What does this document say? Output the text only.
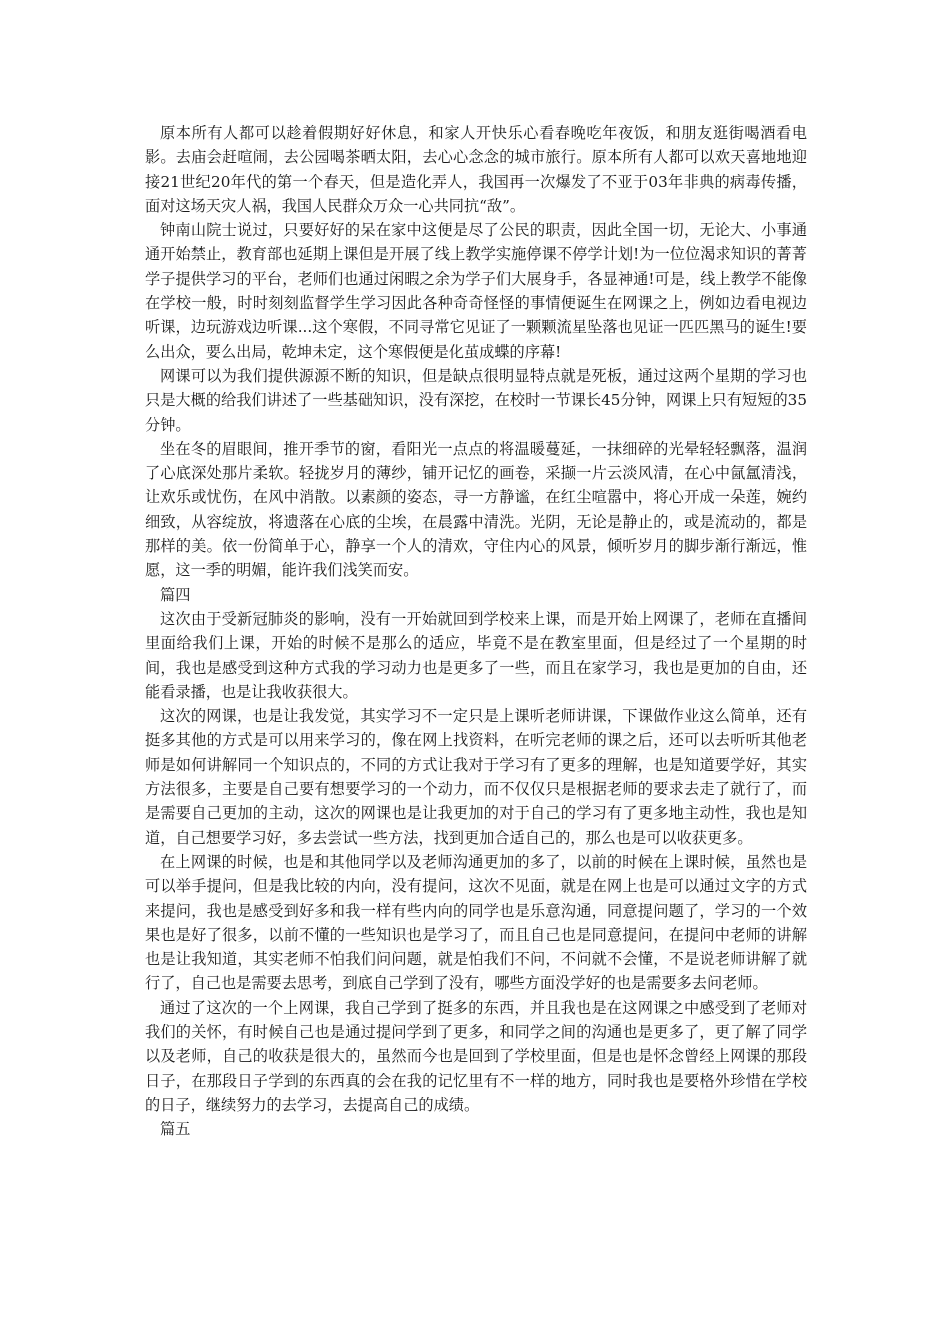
原本所有人都可以趁着假期好好休息，和家人开快乐心看春晚吃年夜饭，和朋友逛街喝酒看电影。去庙会赶喧闹，去公园喝茶晒太阳，去心心念念的城市旅行。原本所有人都可以欢天喜地地迎接21世纪20年代的第一个春天，但是造化弄人，我国再一次爆发了不亚于03年非典的病毒传播，面对这场天灾人祸，我国人民群众万众一心共同抗“敌”。

钟南山院士说过，只要好好的呆在家中这便是尽了公民的职责，因此全国一切，无论大、小事通通开始禁止，教育部也延期上课但是开展了线上教学实施停课不停学计划!为一位位渴求知识的菁菁学子提供学习的平台，老师们也通过闲暇之余为学子们大展身手，各显神通!可是，线上教学不能像在学校一般，时时刻刻监督学生学习因此各种奇奇怪怪的事情便诞生在网课之上，例如边看电视边听课，边玩游戏边听课...这个寒假，不同寻常它见证了一颗颗流星坠落也见证一匹匹黑马的诞生!要么出众，要么出局，乾坤未定，这个寒假便是化茧成蝶的序幕!

网课可以为我们提供源源不断的知识，但是缺点很明显特点就是死板，通过这两个星期的学习也只是大概的给我们讲述了一些基础知识，没有深挖，在校时一节课长45分钟，网课上只有短短的35分钟。

坐在冬的眉眼间，推开季节的窗，看阳光一点点的将温暖蔓延，一抹细碎的光晕轻轻飘落，温润了心底深处那片柔软。轻拢岁月的薄纱，铺开记忆的画卷，采撷一片云淡风清，在心中氤氲清浅，让欢乐或忧伤，在风中消散。以素颜的姿态，寻一方静谧，在红尘喧嚣中，将心开成一朵莲，婉约细致，从容绽放，将遗落在心底的尘埃，在晨露中清洗。光阴，无论是静止的，或是流动的，都是那样的美。依一份简单于心，静享一个人的清欢，守住内心的风景，倾听岁月的脚步渐行渐远，惟愿，这一季的明媚，能许我们浅笑而安。

篇四

这次由于受新冠肺炎的影响，没有一开始就回到学校来上课，而是开始上网课了，老师在直播间里面给我们上课，开始的时候不是那么的适应，毕竟不是在教室里面，但是经过了一个星期的时间，我也是感受到这种方式我的学习动力也是更多了一些，而且在家学习，我也是更加的自由，还能看录播，也是让我收获很大。

这次的网课，也是让我发觉，其实学习不一定只是上课听老师讲课，下课做作业这么简单，还有挺多其他的方式是可以用来学习的，像在网上找资料，在听完老师的课之后，还可以去听听其他老师是如何讲解同一个知识点的，不同的方式让我对于学习有了更多的理解，也是知道要学好，其实方法很多，主要是自己要有想要学习的一个动力，而不仅仅只是根据老师的要求去走了就行了，而是需要自己更加的主动，这次的网课也是让我更加的对于自己的学习有了更多地主动性，我也是知道，自己想要学习好，多去尝试一些方法，找到更加合适自己的，那么也是可以收获更多。

在上网课的时候，也是和其他同学以及老师沟通更加的多了，以前的时候在上课时候，虽然也是可以举手提问，但是我比较的内向，没有提问，这次不见面，就是在网上也是可以通过文字的方式来提问，我也是感受到好多和我一样有些内向的同学也是乐意沟通，同意提问题了，学习的一个效果也是好了很多，以前不懂的一些知识也是学习了，而且自己也是同意提问，在提问中老师的讲解也是让我知道，其实老师不怕我们问问题，就是怕我们不问，不问就不会懂，不是说老师讲解了就行了，自己也是需要去思考，到底自己学到了没有，哪些方面没学好的也是需要多去问老师。

通过了这次的一个上网课，我自己学到了挺多的东西，并且我也是在这网课之中感受到了老师对我们的关怀，有时候自己也是通过提问学到了更多，和同学之间的沟通也是更多了，更了解了同学以及老师，自己的收获是很大的，虽然而今也是回到了学校里面，但是也是怀念曾经上网课的那段日子，在那段日子学到的东西真的会在我的记忆里有不一样的地方，同时我也是要格外珍惜在学校的日子，继续努力的去学习，去提高自己的成绩。

篇五
